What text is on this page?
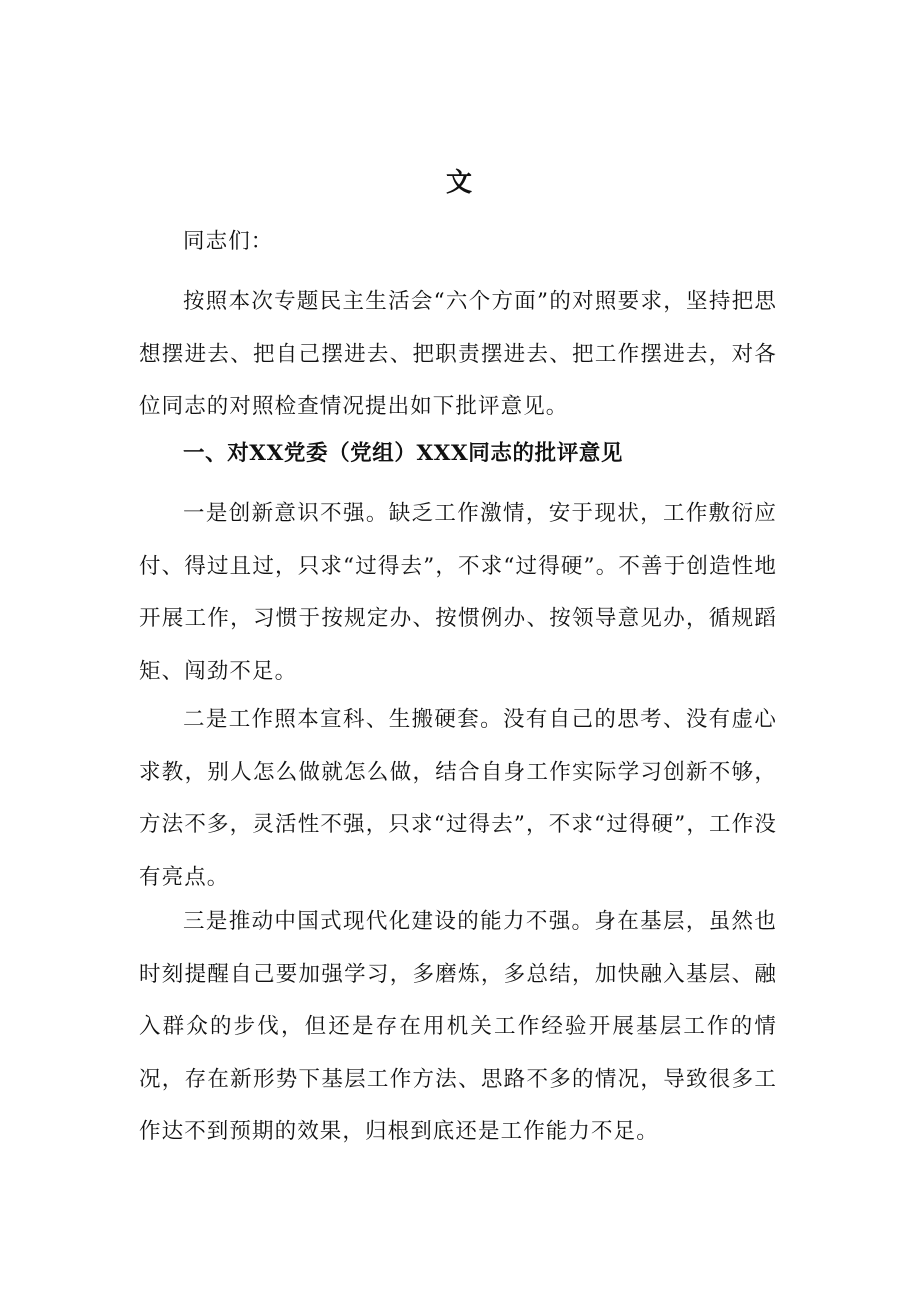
文

同志们：

按照本次专题民主生活会“六个方面”的对照要求，坚持把思想摆进去、把自己摆进去、把职责摆进去、把工作摆进去，对各位同志的对照检查情况提出如下批评意见。

一、对XX党委（党组）XXX同志的批评意见

一是创新意识不强。缺乏工作激情，安于现状，工作敷衍应付、得过且过，只求“过得去”，不求“过得硬”。不善于创造性地开展工作，习惯于按规定办、按惯例办、按领导意见办，循规蹈矩、闯劲不足。

二是工作照本宣科、生搬硬套。没有自己的思考、没有虚心求教，别人怎么做就怎么做，结合自身工作实际学习创新不够，方法不多，灵活性不强，只求“过得去”，不求“过得硬”，工作没有亮点。

三是推动中国式现代化建设的能力不强。身在基层，虽然也时刻提醒自己要加强学习，多磨炼，多总结，加快融入基层、融入群众的步伐，但还是存在用机关工作经验开展基层工作的情况，存在新形势下基层工作方法、思路不多的情况，导致很多工作达不到预期的效果，归根到底还是工作能力不足。
